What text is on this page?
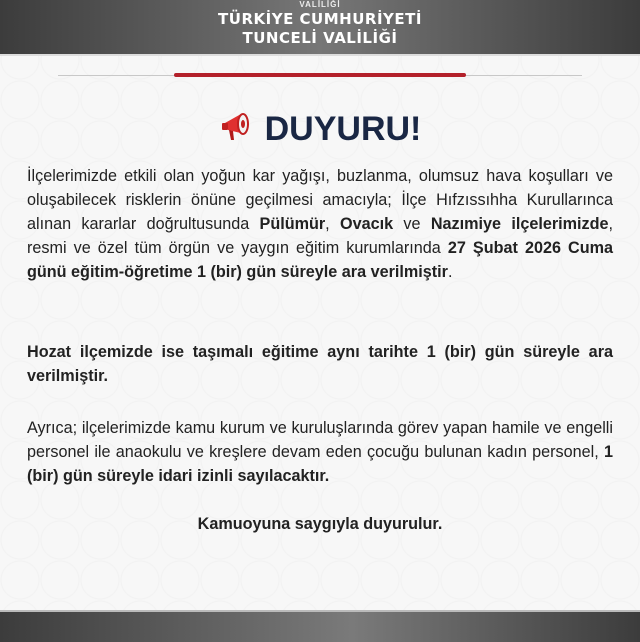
VALİLİĞİ
TÜRKİYE CUMHURİYETİ
TUNCELİ VALİLİĞİ
DUYURU!

İlçelerimizde etkili olan yoğun kar yağışı, buzlanma, olumsuz hava koşulları ve oluşabilecek risklerin önüne geçilmesi amacıyla; İlçe Hıfzıssıhha Kurullarınca alınan kararlar doğrultusunda Pülümür, Ovacık ve Nazımiye ilçelerimizde, resmi ve özel tüm örgün ve yaygın eğitim kurumlarında 27 Şubat 2026 Cuma günü eğitim-öğretime 1 (bir) gün süreyle ara verilmiştir.

Hozat ilçemizde ise taşımalı eğitime aynı tarihte 1 (bir) gün süreyle ara verilmiştir.

Ayrıca; ilçelerimizde kamu kurum ve kuruluşlarında görev yapan hamile ve engelli personel ile anaokulu ve kreşlere devam eden çocuğu bulunan kadın personel, 1 (bir) gün süreyle idari izinli sayılacaktır.

Kamuoyuna saygıyla duyurulur.
